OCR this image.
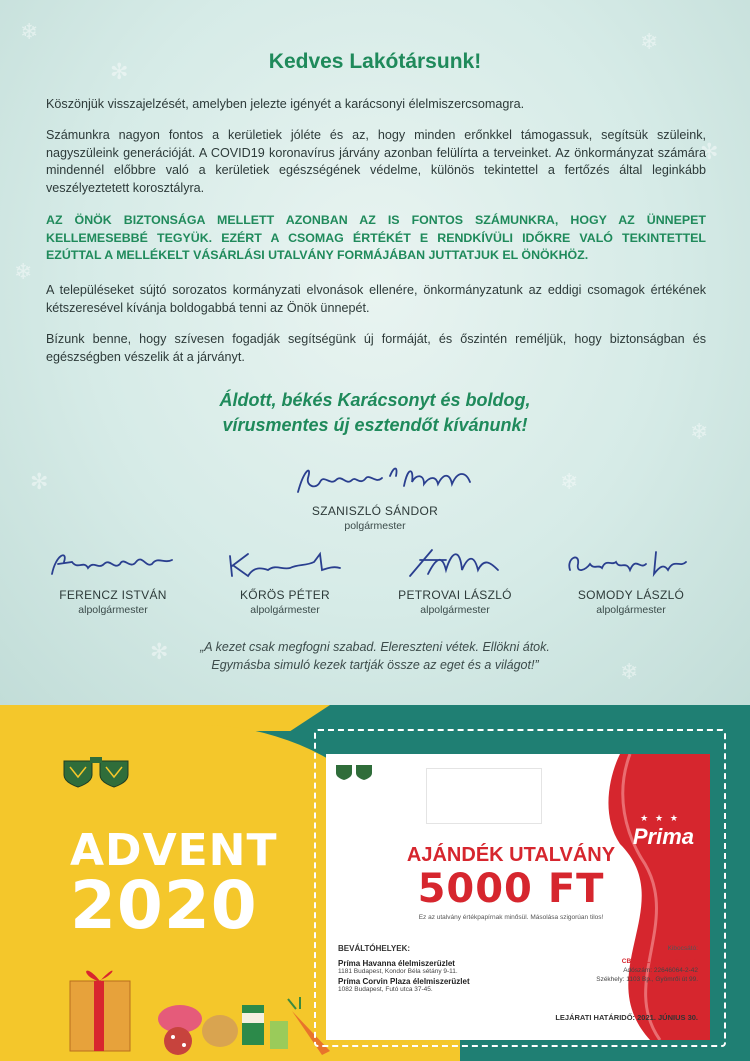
❄
✻
❄
✻
❄
❄
✻	❄
✻
❄
Kedves Lakótársunk!

Köszönjük visszajelzését, amelyben jelezte igényét a karácsonyi élelmiszercsomagra.

Számunkra nagyon fontos a kerületiek jóléte és az, hogy minden erőnkkel támogassuk, segítsük szüleink, nagyszüleink generációját. A COVID19 koronavírus járvány azonban felülírta a terveinket. Az önkormányzat számára mindennél előbbre való a kerületiek egészségének védelme, különös tekintettel a fertőzés által leginkább veszélyeztetett korosztályra.

AZ ÖNÖK BIZTONSÁGA MELLETT AZONBAN AZ IS FONTOS SZÁMUNKRA, HOGY AZ ÜNNEPET KELLEMESEBBÉ TEGYÜK. EZÉRT A CSOMAG ÉRTÉKÉT E RENDKÍVÜLI IDŐKRE VALÓ TEKINTETTEL EZÚTTAL A MELLÉKELT VÁSÁRLÁSI UTALVÁNY FORMÁJÁBAN JUTTATJUK EL ÖNÖKHÖZ.

A településeket sújtó sorozatos kormányzati elvonások ellenére, önkormányzatunk az eddigi csomagok értékének kétszeresével kívánja boldogabbá tenni az Önök ünnepét.

Bízunk benne, hogy szívesen fogadják segítségünk új formáját, és őszintén reméljük, hogy biztonságban és egészségben vészelik át a járványt.

Áldott, békés Karácsonyt és boldog,
vírusmentes új esztendőt kívánunk!
SZANISZLÓ SÁNDOR
polgármester
FERENCZ ISTVÁN
alpolgármester
KŐRÖS PÉTER
alpolgármester
PETROVAI LÁSZLÓ
alpolgármester
SOMODY LÁSZLÓ
alpolgármester
„A kezet csak megfogni szabad. Elereszteni vétek. Ellökni átok.
Egymásba simuló kezek tartják össze az eget és a világot!”
ADVENT
2020
★ ★ ★
Prima
AJÁNDÉK UTALVÁNY
5000 FT
Ez az utalvány értékpapírnak minősül. Másolása szigorúan tilos!
BEVÁLTÓHELYEK:
Príma Havanna élelmiszerüzlet
1181 Budapest, Kondor Béla sétány 9-11.
Príma Corvin Plaza élelmiszerüzlet
1082 Budapest, Futó utca 37-45.
Kibocsátó:
CBA - DL PROJEKT KFT.
Adószám: 22646064-2-42
Székhely: 1103 Bp., Gyömrői út 99.
LEJÁRATI HATÁRIDŐ: 2021. JÚNIUS 30.
